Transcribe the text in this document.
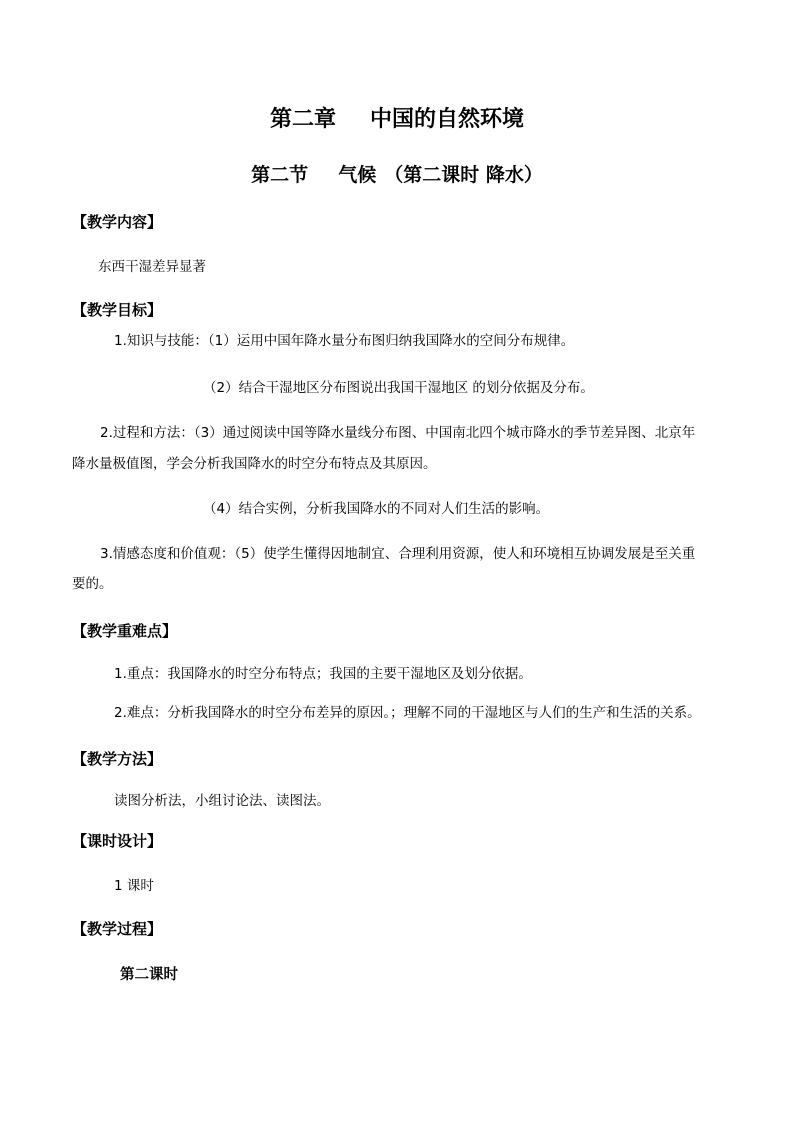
第二章 中国的自然环境
第二节 气候 （第二课时 降水）
【教学内容】
东西干湿差异显著
【教学目标】
1.知识与技能：（1）运用中国年降水量分布图归纳我国降水的空间分布规律。
（2）结合干湿地区分布图说出我国干湿地区 的划分依据及分布。
2.过程和方法：（3）通过阅读中国等降水量线分布图、中国南北四个城市降水的季节差异图、北京年
降水量极值图，学会分析我国降水的时空分布特点及其原因。
（4）结合实例，分析我国降水的不同对人们生活的影响。
3.情感态度和价值观：（5）使学生懂得因地制宜、合理利用资源，使人和环境相互协调发展是至关重
要的。
【教学重难点】
1.重点：我国降水的时空分布特点；我国的主要干湿地区及划分依据。
2.难点：分析我国降水的时空分布差异的原因。；理解不同的干湿地区与人们的生产和生活的关系。
【教学方法】
读图分析法，小组讨论法、读图法。
【课时设计】
1 课时
【教学过程】
第二课时
